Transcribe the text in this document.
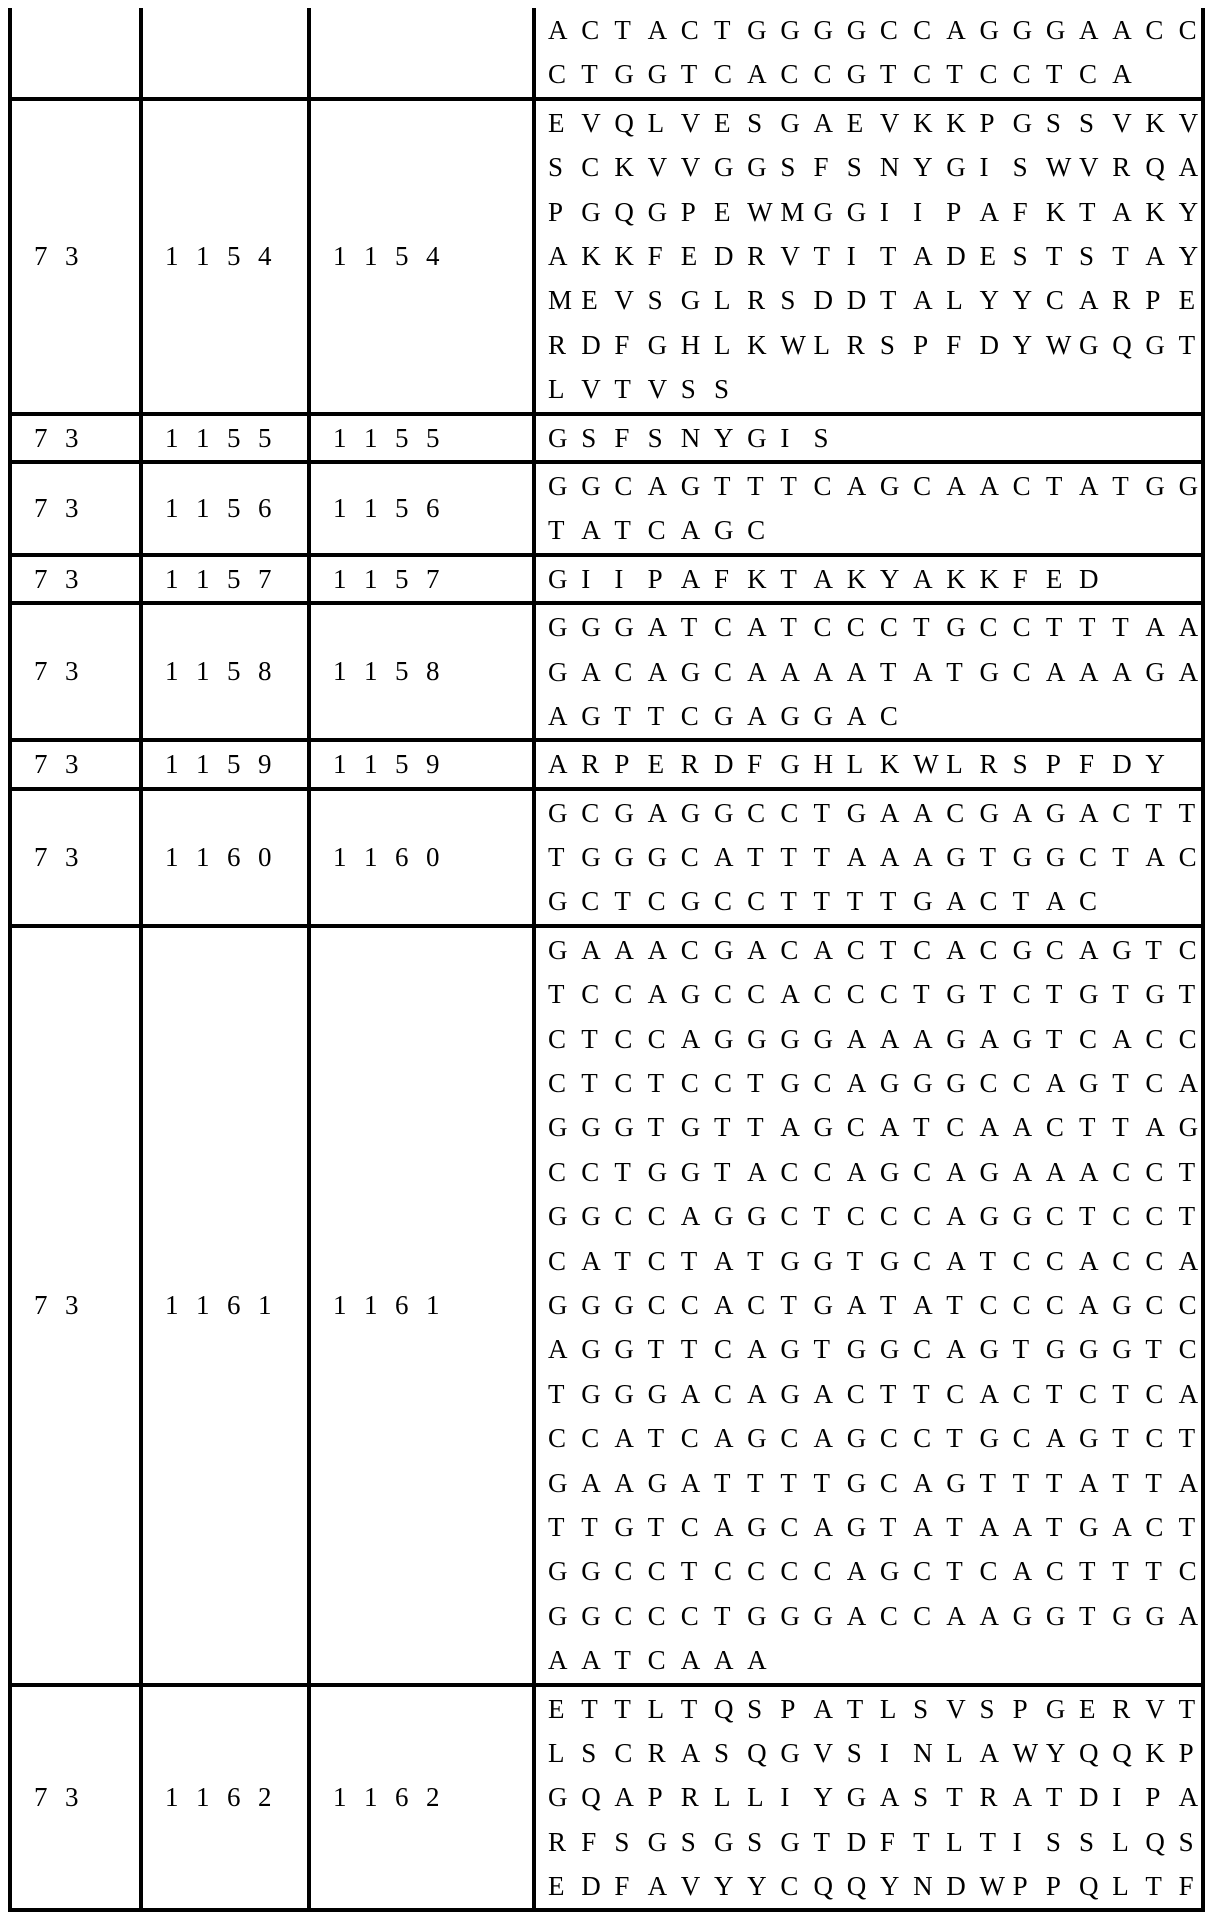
			A C T A C T G G G G C C A G G G A A C C
C T G G T C A C C G T C T C C T C A

7 3	1 1 5 4	1 1 5 4	
E V Q L V E S G A E V K K P G S S V K V
S C K V V G G S F S N Y G I S W V R Q A
P G Q G P E W M G G I I P A F K T A K Y
A K K F E D R V T I T A D E S T S T A Y
M E V S G L R S D D T A L Y Y C A R P E
R D F G H L K W L R S P F D Y W G Q G T
L V T V S S

7 3	1 1 5 5	1 1 5 5	G S F S N Y G I S

7 3	1 1 5 6	1 1 5 6	G G C A G T T T C A G C A A C T A T G G
T A T C A G C

7 3	1 1 5 7	1 1 5 7	G I I P A F K T A K Y A K K F E D

7 3	1 1 5 8	1 1 5 8	G G G A T C A T C C C T G C C T T T A A
G A C A G C A A A A T A T G C A A A G A
A G T T C G A G G A C

7 3	1 1 5 9	1 1 5 9	A R P E R D F G H L K W L R S P F D Y

7 3	1 1 6 0	1 1 6 0	G C G A G G C C T G A A C G A G A C T T
T G G G C A T T T A A A G T G G C T A C
G C T C G C C T T T T G A C T A C

7 3	1 1 6 1	1 1 6 1	
G A A A C G A C A C T C A C G C A G T C
T C C A G C C A C C C T G T C T G T G T
C T C C A G G G G A A A G A G T C A C C
C T C T C C T G C A G G G C C A G T C A
G G G T G T T A G C A T C A A C T T A G
C C T G G T A C C A G C A G A A A C C T
G G C C A G G C T C C C A G G C T C C T
C A T C T A T G G T G C A T C C A C C A
G G G C C A C T G A T A T C C C A G C C
A G G T T C A G T G G C A G T G G G T C
T G G G A C A G A C T T C A C T C T C A
C C A T C A G C A G C C T G C A G T C T
G A A G A T T T T G C A G T T T A T T A
T T G T C A G C A G T A T A A T G A C T
G G C C T C C C C A G C T C A C T T T C
G G C C C T G G G A C C A A G G T G G A
A A T C A A A

7 3	1 1 6 2	1 1 6 2	E T T L T Q S P A T L S V S P G E R V T
L S C R A S Q G V S I N L A W Y Q Q K P
G Q A P R L L I Y G A S T R A T D I P A
R F S G S G S G T D F T L T I S S L Q S
E D F A V Y Y C Q Q Y N D W P P Q L T F
